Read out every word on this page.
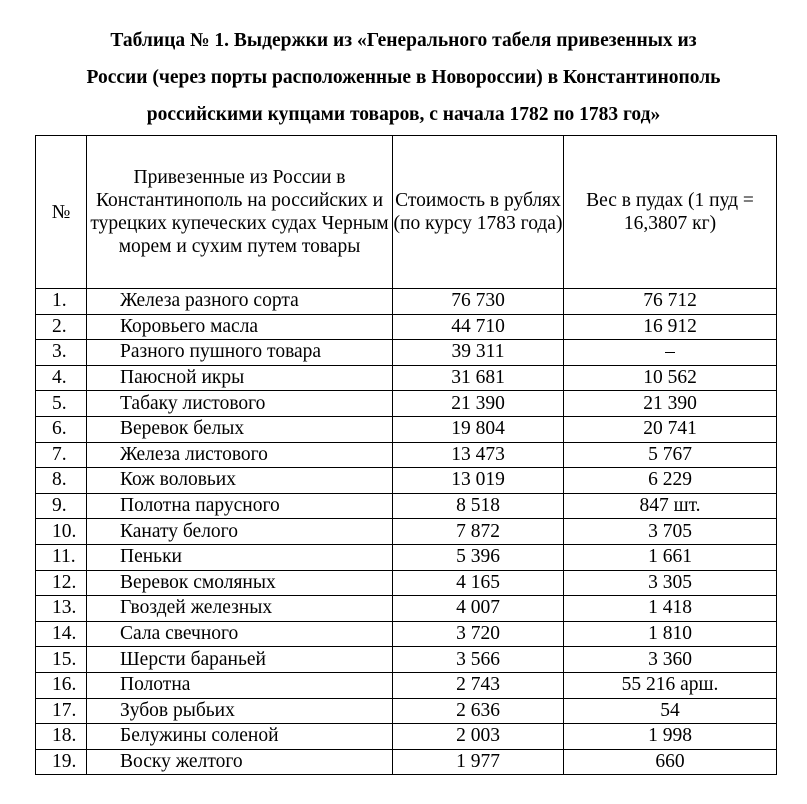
Таблица № 1. Выдержки из «Генерального табеля привезенных из
России (через порты расположенные в Новороссии) в Константинополь
российскими купцами товаров, с начала 1782 по 1783 год»
№	Привезенные из России в Константинополь на российских и турецких купеческих судах Черным морем и сухим путем товары	Стоимость в рублях (по курсу 1783 года)	Вес в пудах (1 пуд = 16,3807 кг)
1.	Железа разного сорта	76 730	76 712
2.	Коровьего масла	44 710	16 912
3.	Разного пушного товара	39 311	–
4.	Паюсной икры	31 681	10 562
5.	Табаку листового	21 390	21 390
6.	Веревок белых	19 804	20 741
7.	Железа листового	13 473	5 767
8.	Кож воловьих	13 019	6 229
9.	Полотна парусного	8 518	847 шт.
10.	Канату белого	7 872	3 705
11.	Пеньки	5 396	1 661
12.	Веревок смоляных	4 165	3 305
13.	Гвоздей железных	4 007	1 418
14.	Сала свечного	3 720	1 810
15.	Шерсти бараньей	3 566	3 360
16.	Полотна	2 743	55 216 арш.
17.	Зубов рыбьих	2 636	54
18.	Белужины соленой	2 003	1 998
19.	Воску желтого	1 977	660
